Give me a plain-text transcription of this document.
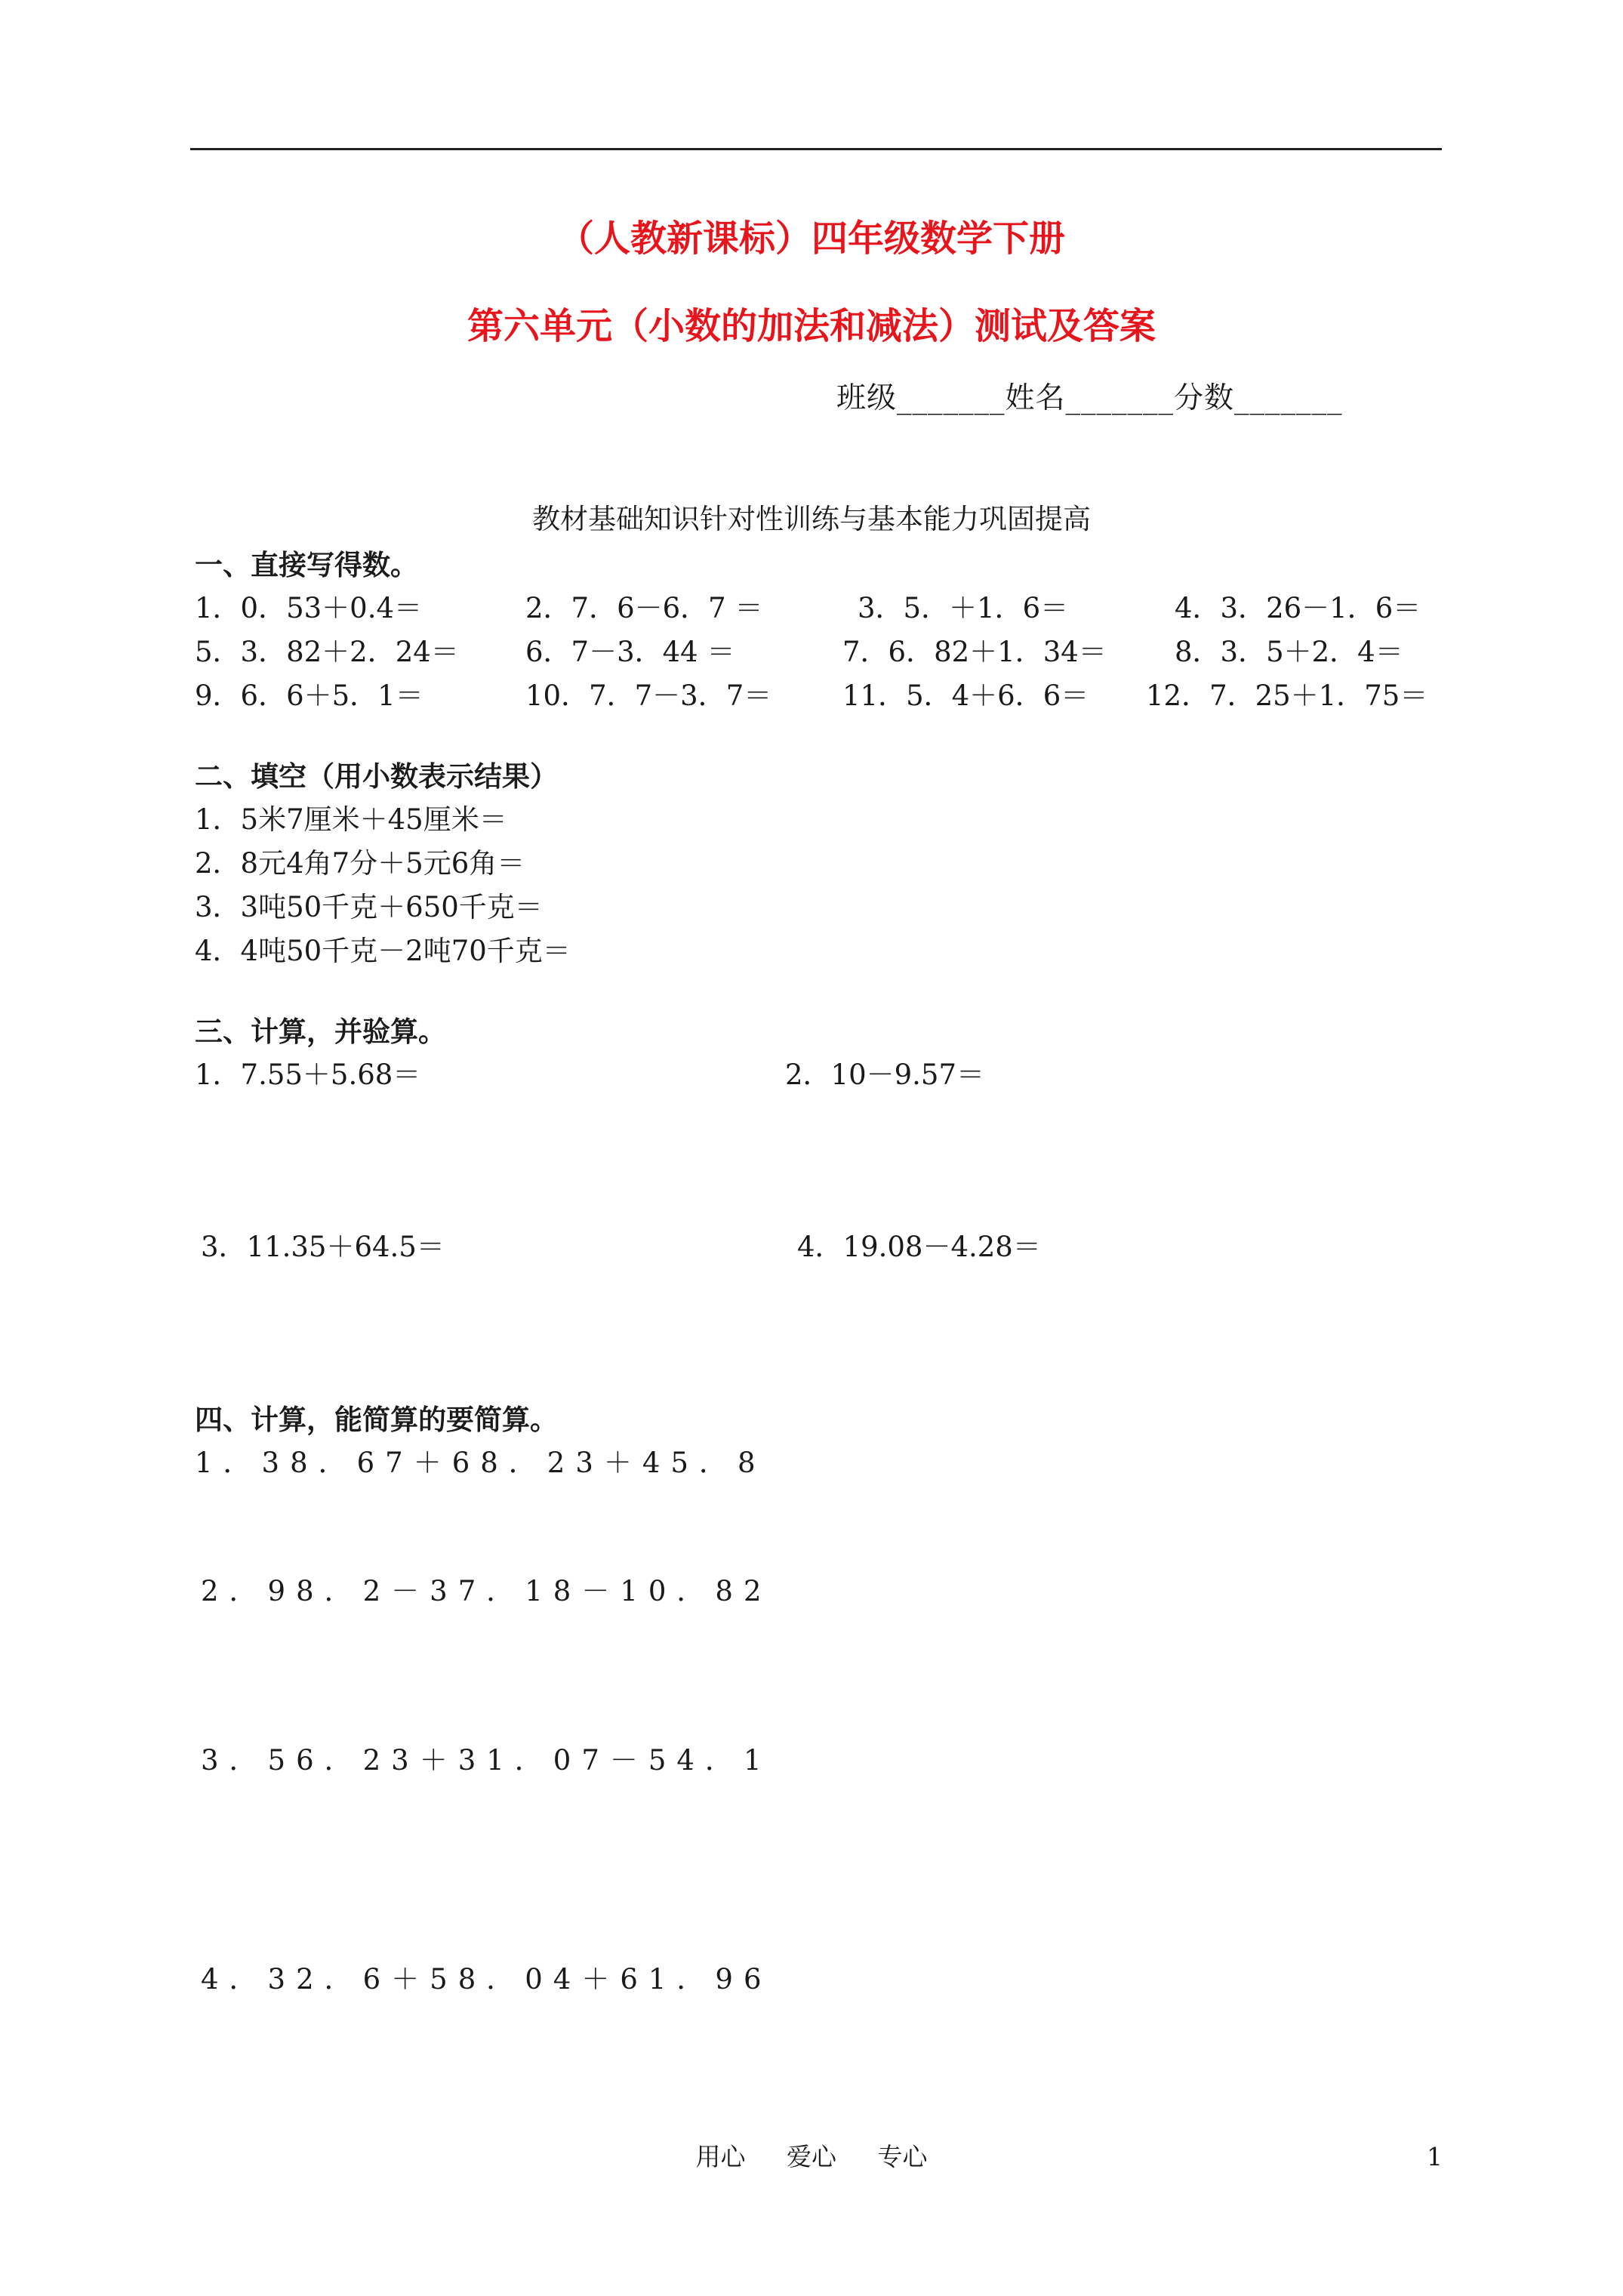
（人教新课标）四年级数学下册
第六单元（小数的加法和减法）测试及答案
班级_______姓名_______分数_______
教材基础知识针对性训练与基本能力巩固提高
一、直接写得数。
1．0．53＋0.4＝	2．7．6－6．7 ＝	3．5．＋1．6＝	4．3．26－1．6＝
5．3．82＋2．24＝ 6．7－3．44 ＝	7．6．82＋1．34＝ 8．3．5＋2．4＝
9．6．6＋5．1＝	10．7．7－3．7＝	11．5．4＋6．6＝ 12．7．25＋1．75＝
二、填空（用小数表示结果）
1．5米7厘米＋45厘米＝
2．8元4角7分＋5元6角＝
3．3吨50千克＋650千克＝
4．4吨50千克－2吨70千克＝
三、计算，并验算。
1．7.55＋5.68＝	2．10－9.57＝
3．11.35＋64.5＝	4．19.08－4.28＝
四、计算，能简算的要简算。
1．38．67＋68．23＋45．8
2．98．2－37．18－10．82
3．56．23＋31．07－54．1
4．32．6＋58．04＋61．96
用心 爱心 专心	1
